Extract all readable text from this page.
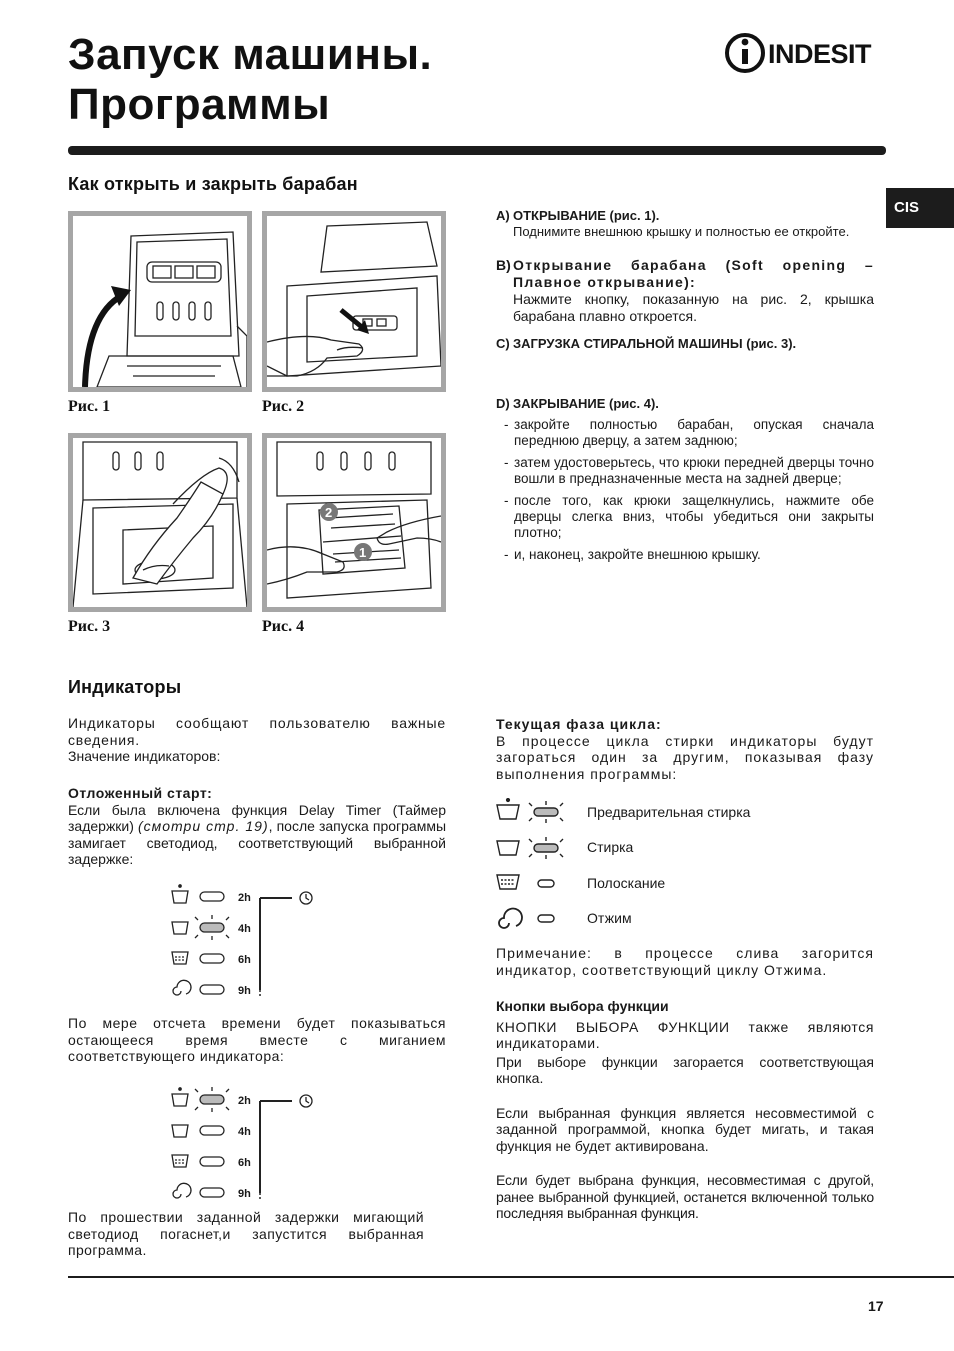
Запуск машины.
Программы
INDESIT
CIS
Как открыть и закрыть барабан
Рис. 1	Рис. 2
Рис. 3
2
1
Рис. 4
A) ОТКРЫВАНИЕ (рис. 1).
Поднимите внешнюю крышку и полностью ее откройте.
B) Открывание барабана (Soft opening – Плавное открывание):
Нажмите кнопку, показанную на рис. 2, крышка барабана плавно откроется.
C) ЗАГРУЗКА СТИРАЛЬНОЙ МАШИНЫ (рис. 3).
D) ЗАКРЫВАНИЕ (рис. 4).
- закройте полностью барабан, опуская сначала переднюю дверцу, а затем заднюю;
- затем удостоверьтесь, что крюки передней дверцы точно вошли в предназначенные места на задней дверце;
- после того, как крюки защелкнулись, нажмите обе дверцы слегка вниз, чтобы убедиться они закрыты плотно;
- и, наконец, закройте внешнюю крышку.
Индикаторы
Индикаторы сообщают пользователю важные сведения.
Значение индикаторов:
Отложенный старт:
Если была включена функция Delay Timer (Таймер задержки) (смотри стр. 19), после запуска программы замигает светодиод, соответствующий выбранной задержке:
2h
4h
6h
9h
По мере отсчета времени будет показываться остающееся время вместе с миганием соответствующего индикатора:
2h
4h
6h
9h
По прошествии заданной задержки мигающий светодиод погаснет,и запустится выбранная программа.
Текущая фаза цикла:
В процессе цикла стирки индикаторы будут загораться один за другим, показывая фазу выполнения программы:
Предварительная стирка
Стирка
Полоскание
Отжим
Примечание: в процессе слива загорится индикатор, соответствующий циклу Отжима.
Кнопки выбора функции
КНОПКИ ВЫБОРА ФУНКЦИИ также являются индикаторами.
При выборе функции загорается соответствующая кнопка.
Если выбранная функция является несовместимой с заданной программой, кнопка будет мигать, и такая функция не будет активирована.
Если будет выбрана функция, несовместимая с другой, ранее выбранной функцией, останется включенной только последняя выбранная функция.
17
